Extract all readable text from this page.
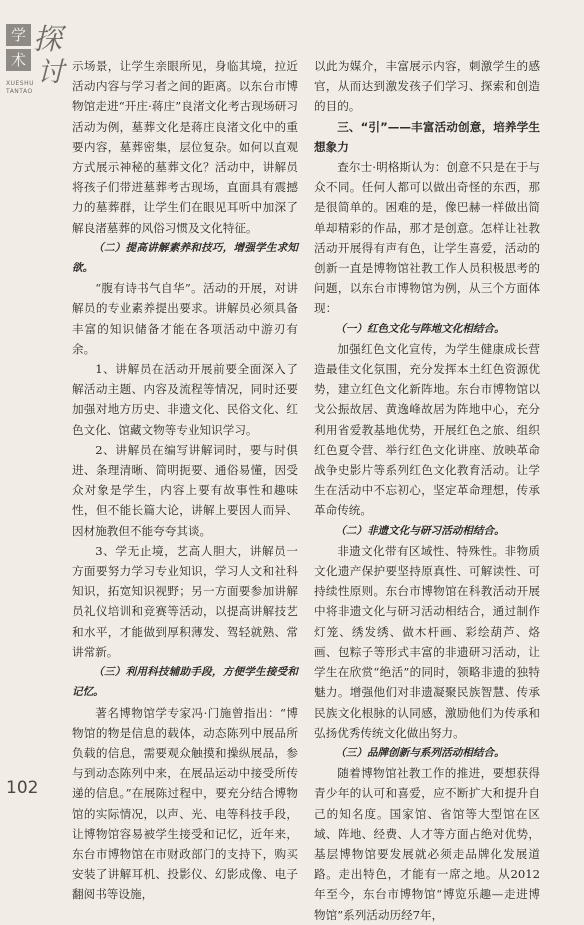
学
术
探
讨
XUESHU
TANTAO

示场景，让学生亲眼所见，身临其境，拉近活动内容与学习者之间的距离。以东台市博物馆走进“开庄·蒋庄”良渚文化考古现场研习活动为例，墓葬文化是蒋庄良渚文化中的重要内容，墓葬密集，层位复杂。如何以直观方式展示神秘的墓葬文化？活动中，讲解员将孩子们带进墓葬考古现场，直面具有震撼力的墓葬群，让学生们在眼见耳听中加深了解良渚墓葬的风俗习惯及文化特征。

（二）提高讲解素养和技巧，增强学生求知欲。

“腹有诗书气自华”。活动的开展，对讲解员的专业素养提出要求。讲解员必须具备丰富的知识储备才能在各项活动中游刃有余。

1、讲解员在活动开展前要全面深入了解活动主题、内容及流程等情况，同时还要加强对地方历史、非遗文化、民俗文化、红色文化、馆藏文物等专业知识学习。

2、讲解员在编写讲解词时，要与时俱进、条理清晰、简明扼要、通俗易懂，因受众对象是学生，内容上要有故事性和趣味性，但不能长篇大论，讲解上要因人而异、因材施教但不能夸夸其谈。

3、学无止境，艺高人胆大，讲解员一方面要努力学习专业知识，学习人文和社科知识，拓宽知识视野；另一方面要参加讲解员礼仪培训和竞赛等活动，以提高讲解技艺和水平，才能做到厚积薄发、驾轻就熟、常讲常新。

（三）利用科技辅助手段，方便学生接受和记忆。

著名博物馆学专家冯·门施曾指出：“博物馆的物是信息的载体，动态陈列中展品所负载的信息，需要观众触摸和操纵展品，参与到动态陈列中来，在展品运动中接受所传递的信息。”在展陈过程中，要充分结合博物馆的实际情况，以声、光、电等科技手段，让博物馆容易被学生接受和记忆，近年来，东台市博物馆在市财政部门的支持下，购买安装了讲解耳机、投影仪、幻影成像、电子翻阅书等设施，

以此为媒介，丰富展示内容，刺激学生的感官，从而达到激发孩子们学习、探索和创造的目的。

三、“引”——丰富活动创意，培养学生想象力

查尔士·明格斯认为：创意不只是在于与众不同。任何人都可以做出奇怪的东西，那是很简单的。困难的是，像巴赫一样做出简单却精彩的作品，那才是创意。怎样让社教活动开展得有声有色，让学生喜爱，活动的创新一直是博物馆社教工作人员积极思考的问题，以东台市博物馆为例，从三个方面体现：

（一）红色文化与阵地文化相结合。

加强红色文化宣传，为学生健康成长营造最佳文化氛围，充分发挥本土红色资源优势，建立红色文化新阵地。东台市博物馆以戈公振故居、黄逸峰故居为阵地中心，充分利用省爱教基地优势，开展红色之旅、组织红色夏令营、举行红色文化讲座、放映革命战争史影片等系列红色文化教育活动。让学生在活动中不忘初心，坚定革命理想，传承革命传统。

（二）非遗文化与研习活动相结合。

非遗文化带有区域性、特殊性。非物质文化遗产保护要坚持原真性、可解读性、可持续性原则。东台市博物馆在科教活动开展中将非遗文化与研习活动相结合，通过制作灯笼、绣发绣、做木杆画、彩绘葫芦、烙画、包粽子等形式丰富的非遗研习活动，让学生在欣赏“绝活”的同时，领略非遗的独特魅力。增强他们对非遗凝聚民族智慧、传承民族文化根脉的认同感，激励他们为传承和弘扬优秀传统文化做出努力。

（三）品牌创新与系列活动相结合。

随着博物馆社教工作的推进，要想获得青少年的认可和喜爱，应不断扩大和提升自己的知名度。国家馆、省馆等大型馆在区域、阵地、经费、人才等方面占绝对优势，基层博物馆要发展就必须走品牌化发展道路。走出特色，才能有一席之地。从2012年至今，东台市博物馆“博览乐趣—走进博物馆”系列活动历经7年，

102
